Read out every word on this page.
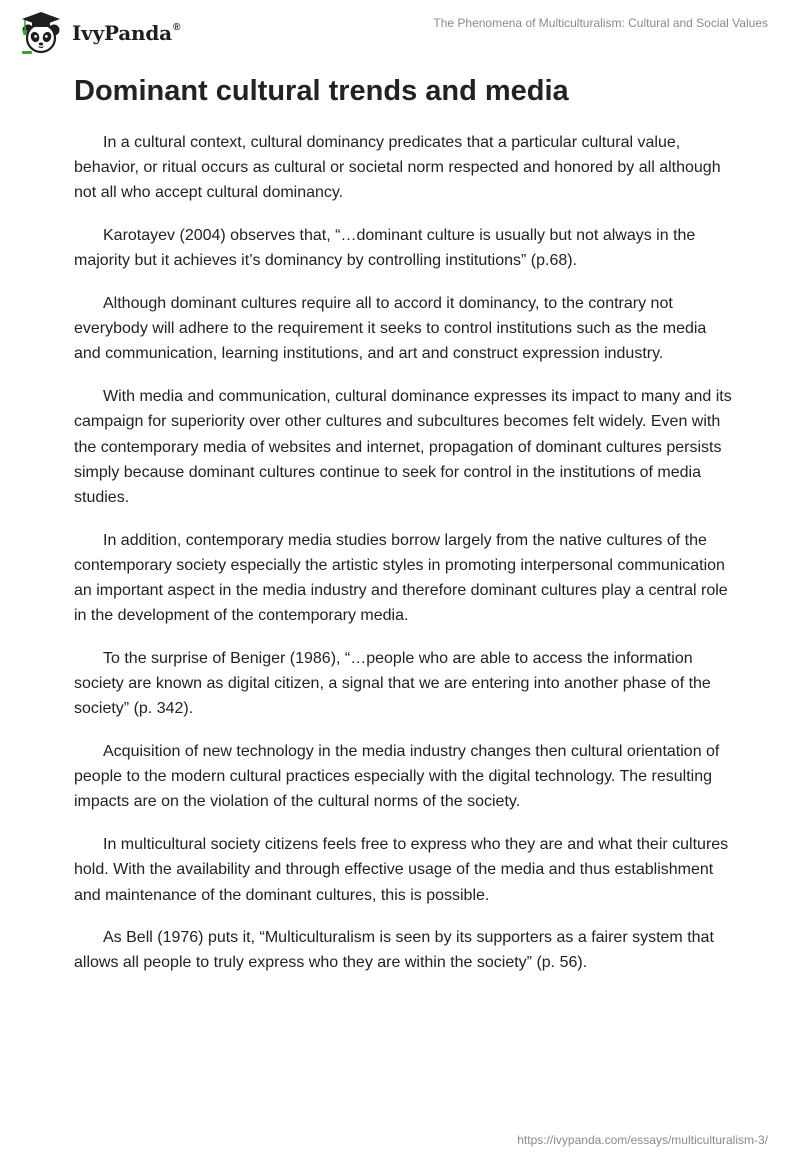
IvyPanda®	The Phenomena of Multiculturalism: Cultural and Social Values
Dominant cultural trends and media

In a cultural context, cultural dominancy predicates that a particular cultural value, behavior, or ritual occurs as cultural or societal norm respected and honored by all although not all who accept cultural dominancy.

Karotayev (2004) observes that, “…dominant culture is usually but not always in the majority but it achieves it’s dominancy by controlling institutions” (p.68).

Although dominant cultures require all to accord it dominancy, to the contrary not everybody will adhere to the requirement it seeks to control institutions such as the media and communication, learning institutions, and art and construct expression industry.

With media and communication, cultural dominance expresses its impact to many and its campaign for superiority over other cultures and subcultures becomes felt widely. Even with the contemporary media of websites and internet, propagation of dominant cultures persists simply because dominant cultures continue to seek for control in the institutions of media studies.

In addition, contemporary media studies borrow largely from the native cultures of the contemporary society especially the artistic styles in promoting interpersonal communication an important aspect in the media industry and therefore dominant cultures play a central role in the development of the contemporary media.

To the surprise of Beniger (1986), “…people who are able to access the information society are known as digital citizen, a signal that we are entering into another phase of the society” (p. 342).

Acquisition of new technology in the media industry changes then cultural orientation of people to the modern cultural practices especially with the digital technology. The resulting impacts are on the violation of the cultural norms of the society.

In multicultural society citizens feels free to express who they are and what their cultures hold. With the availability and through effective usage of the media and thus establishment and maintenance of the dominant cultures, this is possible.

As Bell (1976) puts it, “Multiculturalism is seen by its supporters as a fairer system that allows all people to truly express who they are within the society” (p. 56).

https://ivypanda.com/essays/multiculturalism-3/
